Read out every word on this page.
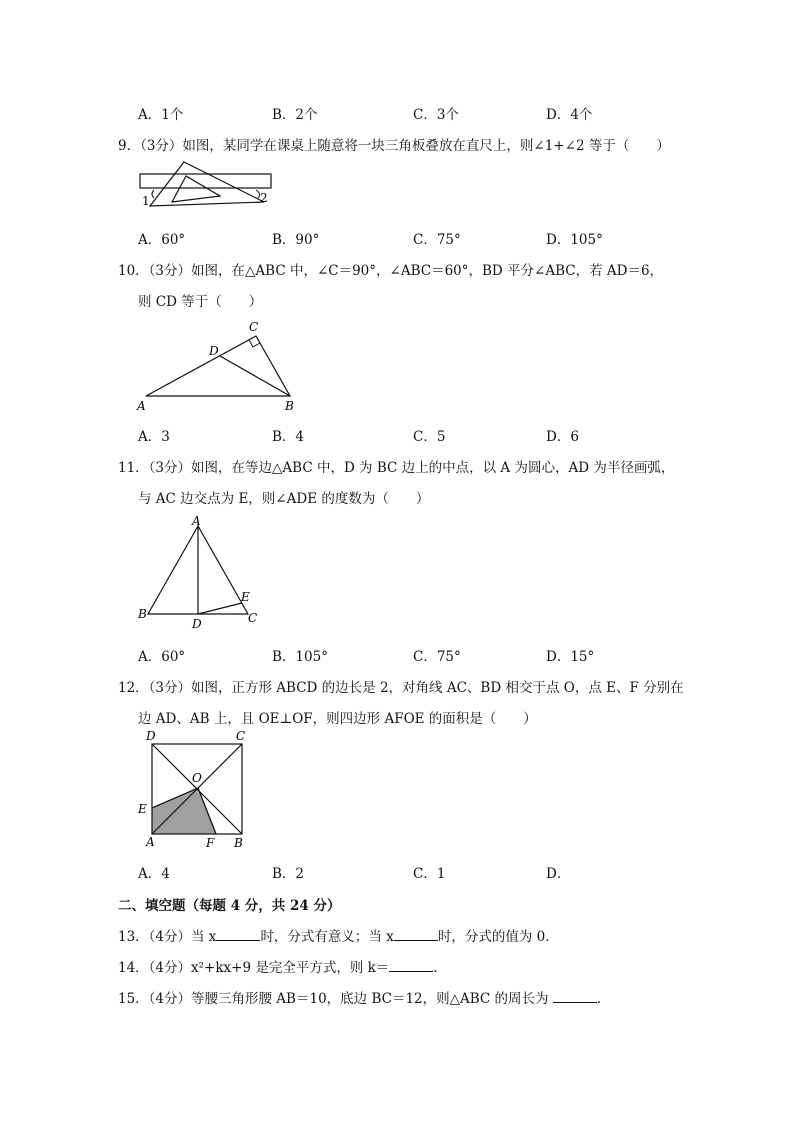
A．1个	B．2个	C．3个	D．4个
9．（3分）如图，某同学在课桌上随意将一块三角板叠放在直尺上，则∠1+∠2 等于（　　）
1	2
A．60°	B．90°	C．75°	D．105°
10．（3分）如图，在△ABC 中，∠C＝90°，∠ABC＝60°，BD 平分∠ABC，若 AD＝6，
则 CD 等于（　　）
A	B
C
D
A．3	B．4	C．5	D．6
11．（3分）如图，在等边△ABC 中，D 为 BC 边上的中点，以 A 为圆心，AD 为半径画弧，
与 AC 边交点为 E，则∠ADE 的度数为（　　）
A
B	C
D
E
A．60°	B．105°	C．75°	D．15°
12．（3分）如图，正方形 ABCD 的边长是 2，对角线 AC、BD 相交于点 O，点 E、F 分别在
边 AD、AB 上，且 OE⊥OF，则四边形 AFOE 的面积是（　　）
D	C
A	B
E
F
O
A．4	B．2	C．1	D．
二、填空题（每题 4 分，共 24 分）
13．（4分）当 x	时，分式有意义；当 x	时，分式的值为 0．
14．（4分）x²+kx+9 是完全平方式，则 k＝	．
15．（4分）等腰三角形腰 AB＝10，底边 BC＝12，则△ABC 的周长为	．
